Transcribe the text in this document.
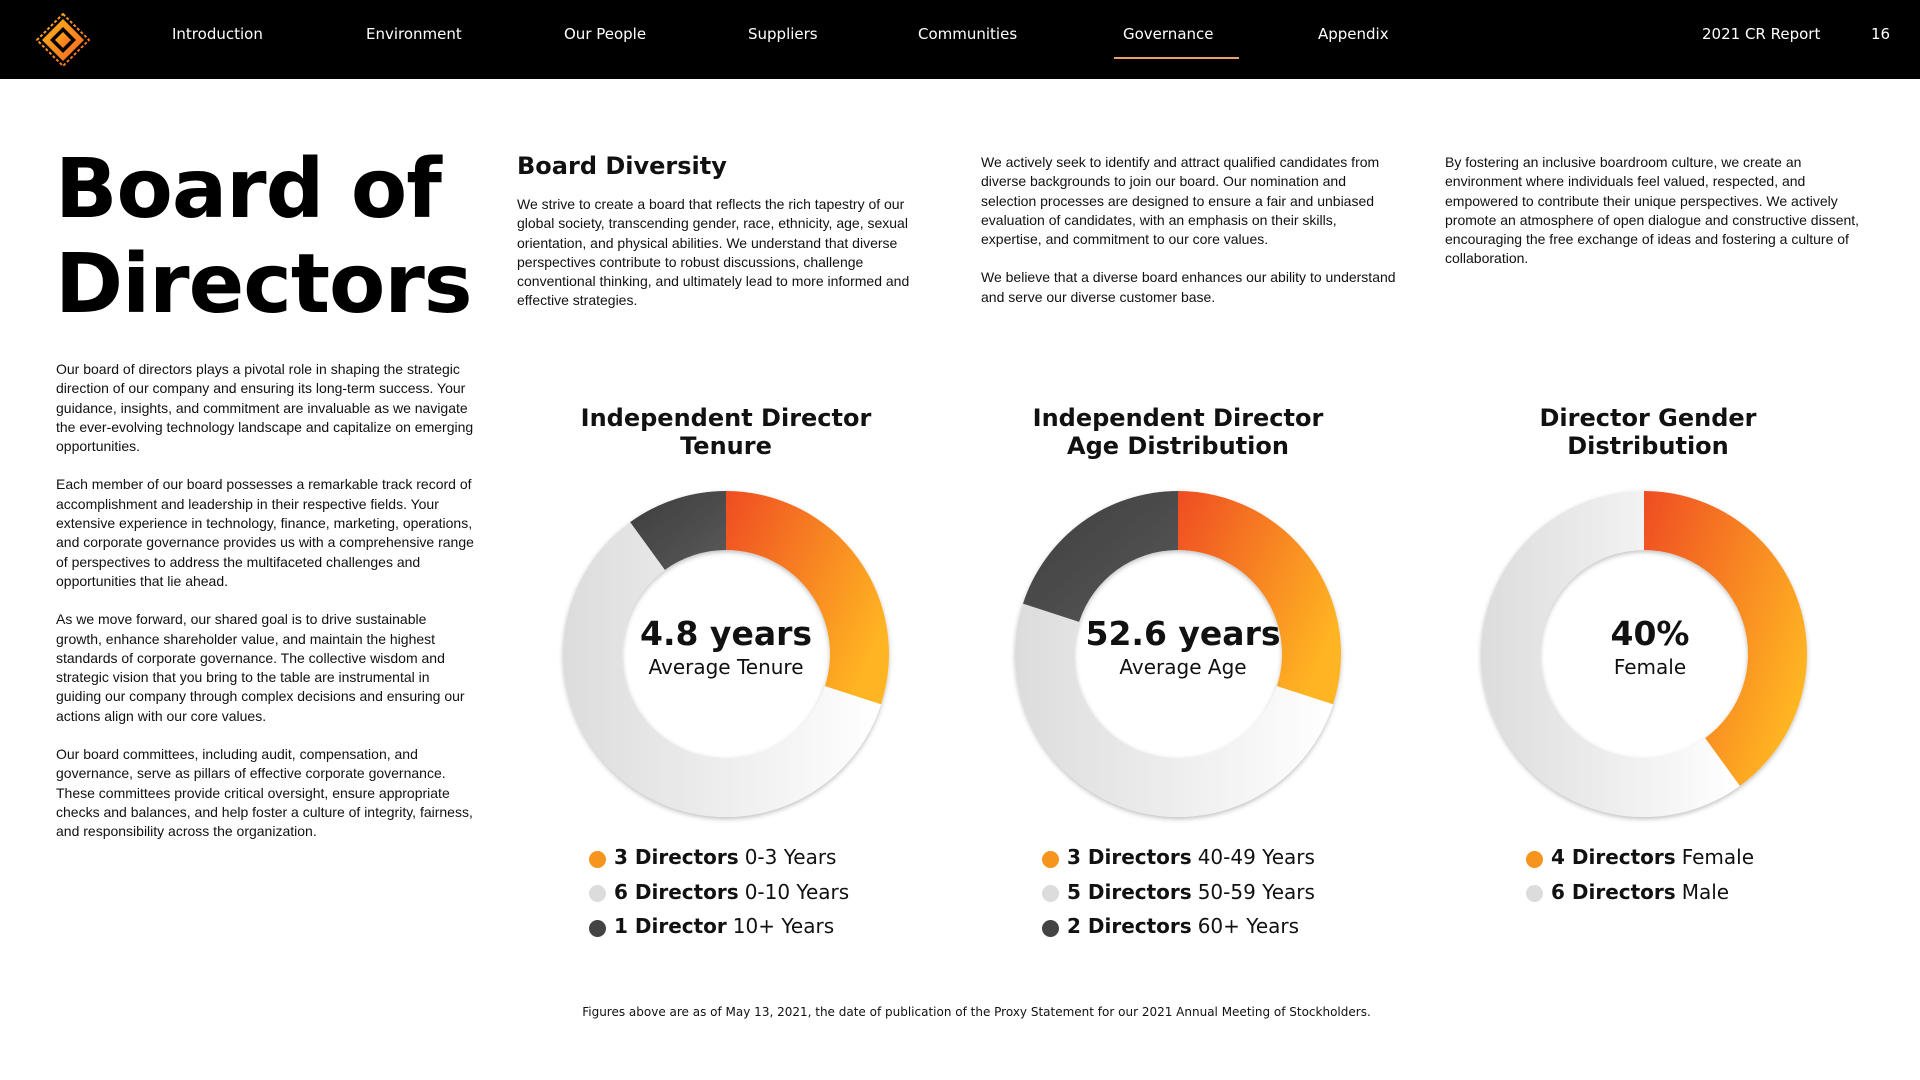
Introduction	Environment	Our People	Suppliers	Communities	Governance	Appendix	2021 CR Report	16
Board of
Directors

Our board of directors plays a pivotal role in shaping the strategic direction of our company and ensuring its long-term success. Your guidance, insights, and commitment are invaluable as we navigate the ever-evolving technology landscape and capitalize on emerging opportunities.

Each member of our board possesses a remarkable track record of accomplishment and leadership in their respective fields. Your extensive experience in technology, finance, marketing, operations, and corporate governance provides us with a comprehensive range of perspectives to address the multifaceted challenges and opportunities that lie ahead.

As we move forward, our shared goal is to drive sustainable growth, enhance shareholder value, and maintain the highest standards of corporate governance. The collective wisdom and strategic vision that you bring to the table are instrumental in guiding our company through complex decisions and ensuring our actions align with our core values.

Our board committees, including audit, compensation, and governance, serve as pillars of effective corporate governance. These committees provide critical oversight, ensure appropriate checks and balances, and help foster a culture of integrity, fairness, and responsibility across the organization.

Board Diversity

We strive to create a board that reflects the rich tapestry of our global society, transcending gender, race, ethnicity, age, sexual orientation, and physical abilities. We understand that diverse perspectives contribute to robust discussions, challenge conventional thinking, and ultimately lead to more informed and effective strategies.

We actively seek to identify and attract qualified candidates from diverse backgrounds to join our board. Our nomination and selection processes are designed to ensure a fair and unbiased evaluation of candidates, with an emphasis on their skills, expertise, and commitment to our core values.

We believe that a diverse board enhances our ability to understand and serve our diverse customer base.

By fostering an inclusive boardroom culture, we create an environment where individuals feel valued, respected, and empowered to contribute their unique perspectives. We actively promote an atmosphere of open dialogue and constructive dissent, encouraging the free exchange of ideas and fostering a culture of collaboration.

Independent Director
Tenure
4.8 years
Average Tenure
3 Directors 0-3 Years
6 Directors 0-10 Years
1 Director 10+ Years
Independent Director
Age Distribution
52.6 years
Average Age
3 Directors 40-49 Years
5 Directors 50-59 Years
2 Directors 60+ Years
Director Gender
Distribution
40%
Female
4 Directors Female
6 Directors Male
Figures above are as of May 13, 2021, the date of publication of the Proxy Statement for our 2021 Annual Meeting of Stockholders.
